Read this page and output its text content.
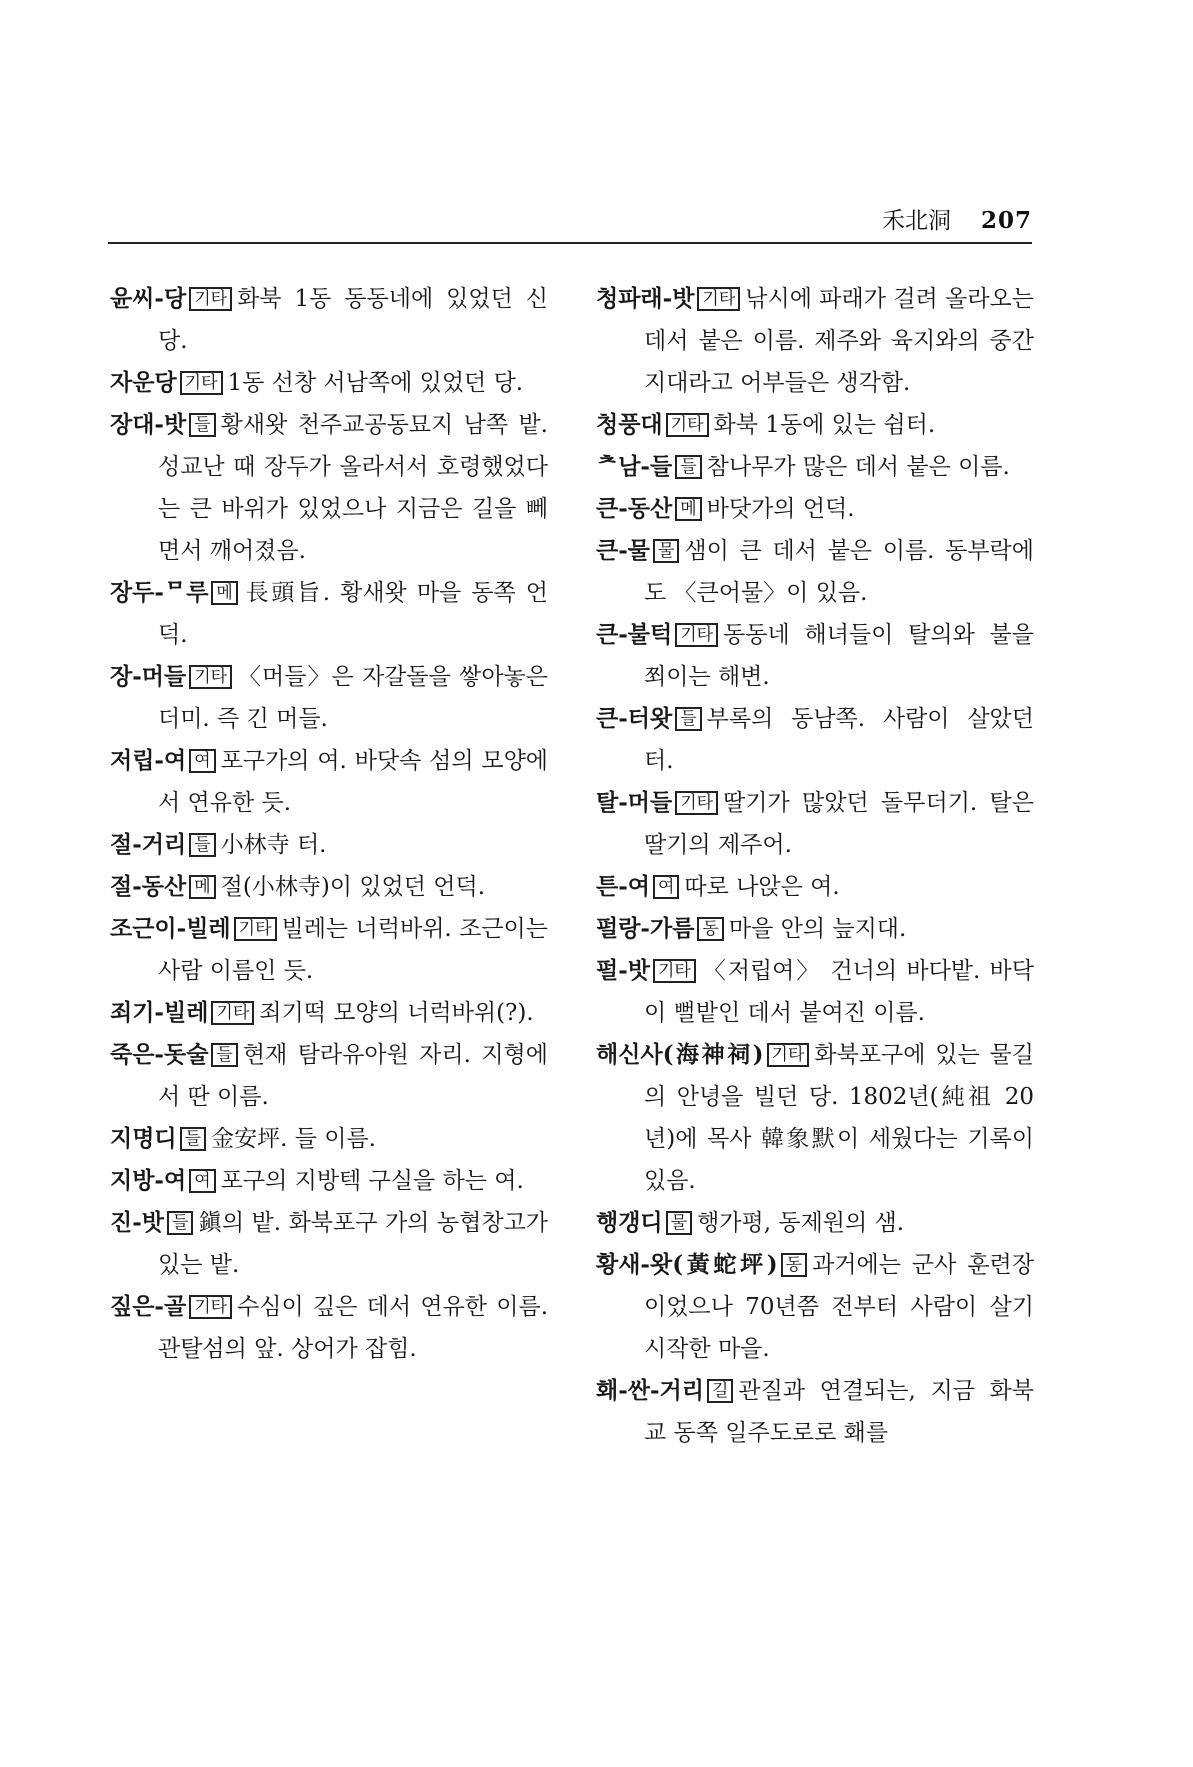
禾北洞 207

윤씨-당 기타 화북 1동 동동네에 있었던 신당.

자운당 기타 1동 선창 서남쪽에 있었던 당.

장대-밧 들 황새왓 천주교공동묘지 남쪽 밭. 성교난 때 장두가 올라서서 호령했었다는 큰 바위가 있었으나 지금은 길을 뻬면서 깨어졌음.

장두-ᄆ루 메 長頭旨. 황새왓 마을 동쪽 언덕.

장-머들 기타 〈머들〉은 자갈돌을 쌓아놓은 더미. 즉 긴 머들.

저립-여 여 포구가의 여. 바닷속 섬의 모양에서 연유한 듯.

절-거리 들 小林寺 터.

절-동산 메 절(小林寺)이 있었던 언덕.

조근이-빌레 기타 빌레는 너럭바위. 조근이는 사람 이름인 듯.

죄기-빌레 기타 죄기떡 모양의 너럭바위(?).

죽은-돗술 들 현재 탐라유아원 자리. 지형에서 딴 이름.

지명디 들 金安坪. 들 이름.

지방-여 여 포구의 지방텍 구실을 하는 여.

진-밧 들 鎭의 밭. 화북포구 가의 농협창고가 있는 밭.

짚은-골 기타 수심이 깊은 데서 연유한 이름. 관탈섬의 앞. 상어가 잡힘.

청파래-밧 기타 낚시에 파래가 걸려 올라오는 데서 붙은 이름. 제주와 육지와의 중간 지대라고 어부들은 생각함.

청풍대 기타 화북 1동에 있는 쉼터.

ᄎ남-들 들 참나무가 많은 데서 붙은 이름.

큰-동산 메 바닷가의 언덕.

큰-물 물 샘이 큰 데서 붙은 이름. 동부락에도 〈큰어물〉이 있음.

큰-불턱 기타 동동네 해녀들이 탈의와 불을 쬐이는 해변.

큰-터왓 들 부록의 동남쪽. 사람이 살았던 터.

탈-머들 기타 딸기가 많았던 돌무더기. 탈은 딸기의 제주어.

튼-여 여 따로 나앉은 여.

펄랑-가름 동 마을 안의 늪지대.

펄-밧 기타 〈저립여〉 건너의 바다밭. 바닥이 뻘밭인 데서 붙여진 이름.

해신사(海神祠) 기타 화북포구에 있는 물길의 안녕을 빌던 당. 1802년(純祖 20년)에 목사 韓象默이 세웠다는 기록이 있음.

행갱디 물 행가평, 동제원의 샘.

황새-왓(黃蛇坪) 동 과거에는 군사 훈련장이었으나 70년쯤 전부터 사람이 살기 시작한 마을.

홰-싼-거리 길 관질과 연결되는, 지금 화북교 동쪽 일주도로로 홰를
